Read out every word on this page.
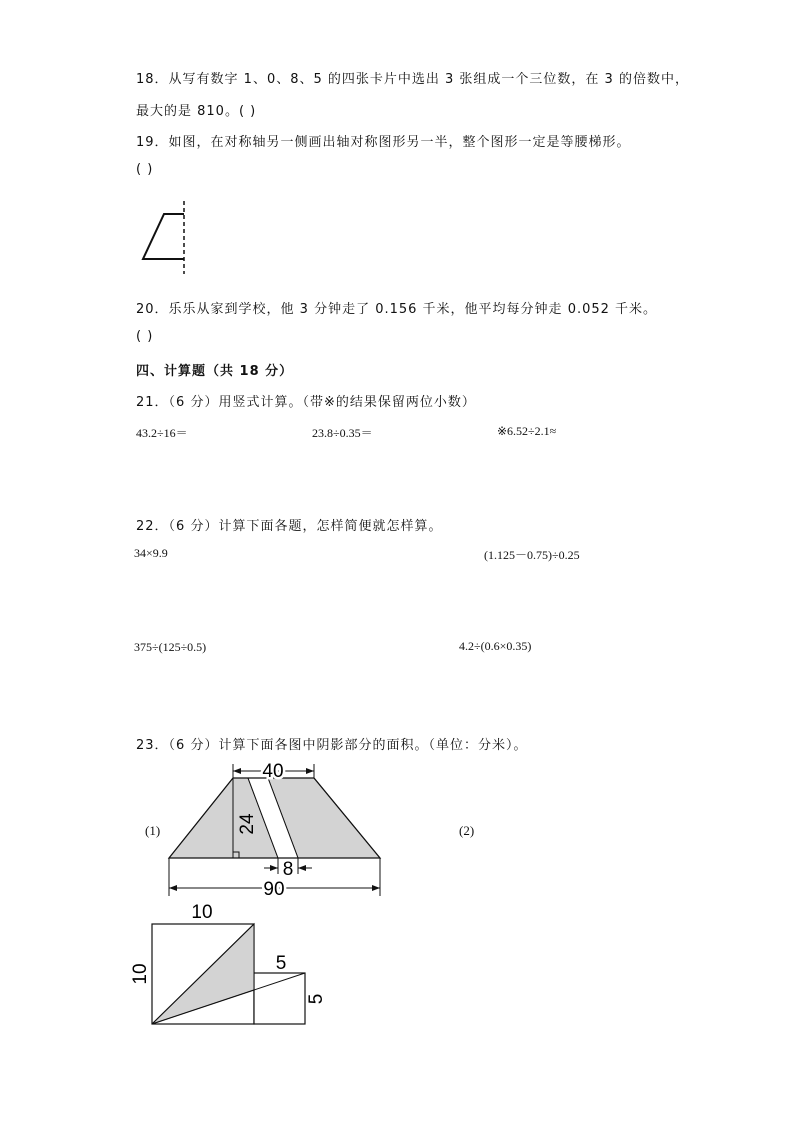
18．从写有数字 1、0、8、5 的四张卡片中选出 3 张组成一个三位数，在 3 的倍数中，
最大的是 810。( )
19．如图，在对称轴另一侧画出轴对称图形另一半，整个图形一定是等腰梯形。
( )
20．乐乐从家到学校，他 3 分钟走了 0.156 千米，他平均每分钟走 0.052 千米。
( )
四、计算题（共 18 分）
21．（6 分）用竖式计算。（带※的结果保留两位小数）
43.2÷16＝	23.8÷0.35＝	※6.52÷2.1≈
22．（6 分）计算下面各题，怎样简便就怎样算。
34×9.9	(1.125－0.75)÷0.25
375÷(125÷0.5)	4.2÷(0.6×0.35)
23．（6 分）计算下面各图中阴影部分的面积。（单位：分米）。
(1)	(2)
40
24
8
90
10
10	5
5
